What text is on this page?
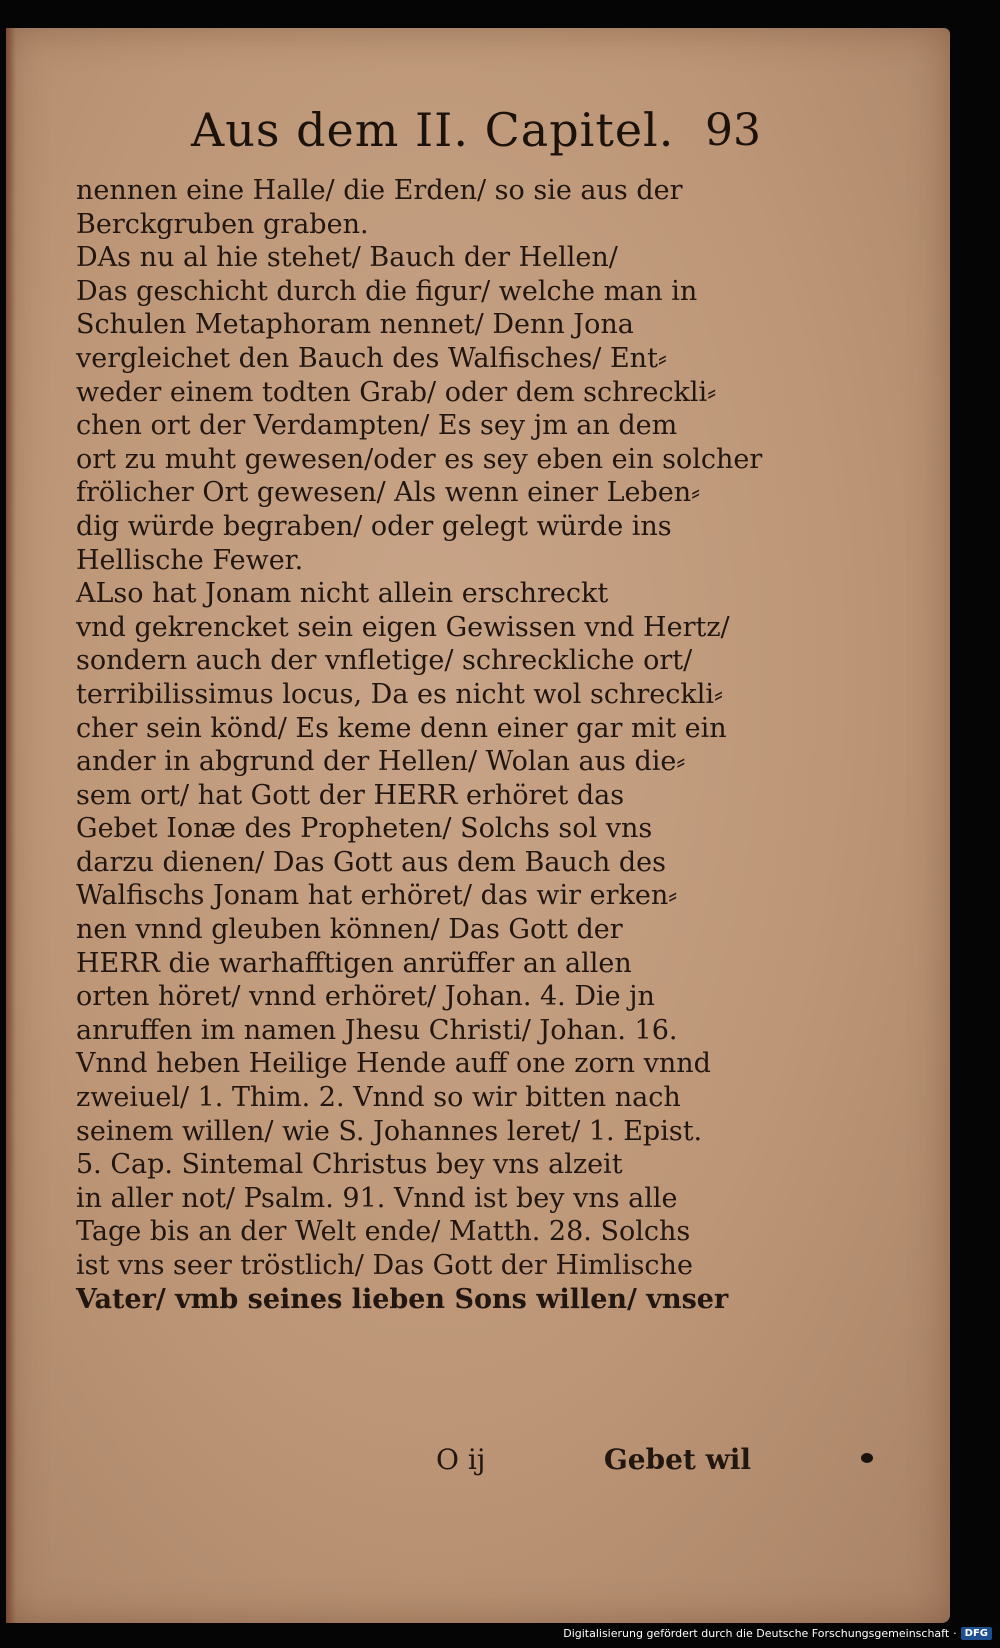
Aus dem II. Capitel. 93
nennen eine Halle/ die Erden/ so sie aus der
Berckgruben graben.
DAs nu al hie stehet/ Bauch der Hellen/
Das geschicht durch die figur/ welche man in
Schulen Metaphoram nennet/ Denn Jona
vergleichet den Bauch des Walfisches/ Ent⸗
weder einem todten Grab/ oder dem schreckli⸗
chen ort der Verdampten/ Es sey jm an dem
ort zu muht gewesen/oder es sey eben ein solcher
frölicher Ort gewesen/ Als wenn einer Leben⸗
dig würde begraben/ oder gelegt würde ins
Hellische Fewer.
ALso hat Jonam nicht allein erschreckt
vnd gekrencket sein eigen Gewissen vnd Hertz/
sondern auch der vnfletige/ schreckliche ort/
terribilissimus locus, Da es nicht wol schreckli⸗
cher sein könd/ Es keme denn einer gar mit ein
ander in abgrund der Hellen/ Wolan aus die⸗
sem ort/ hat Gott der HERR erhöret das
Gebet Ionæ des Propheten/ Solchs sol vns
darzu dienen/ Das Gott aus dem Bauch des
Walfischs Jonam hat erhöret/ das wir erken⸗
nen vnnd gleuben können/ Das Gott der
HERR die warhafftigen anrüffer an allen
orten höret/ vnnd erhöret/ Johan. 4. Die jn
anruffen im namen Jhesu Christi/ Johan. 16.
Vnnd heben Heilige Hende auff one zorn vnnd
zweiuel/ 1. Thim. 2. Vnnd so wir bitten nach
seinem willen/ wie S. Johannes leret/ 1. Epist.
5. Cap. Sintemal Christus bey vns alzeit
in aller not/ Psalm. 91. Vnnd ist bey vns alle
Tage bis an der Welt ende/ Matth. 28. Solchs
ist vns seer tröstlich/ Das Gott der Himlische
Vater/ vmb seines lieben Sons willen/ vnser
O ij	Gebet wil
Digitalisierung gefördert durch die Deutsche Forschungsgemeinschaft · DFG
